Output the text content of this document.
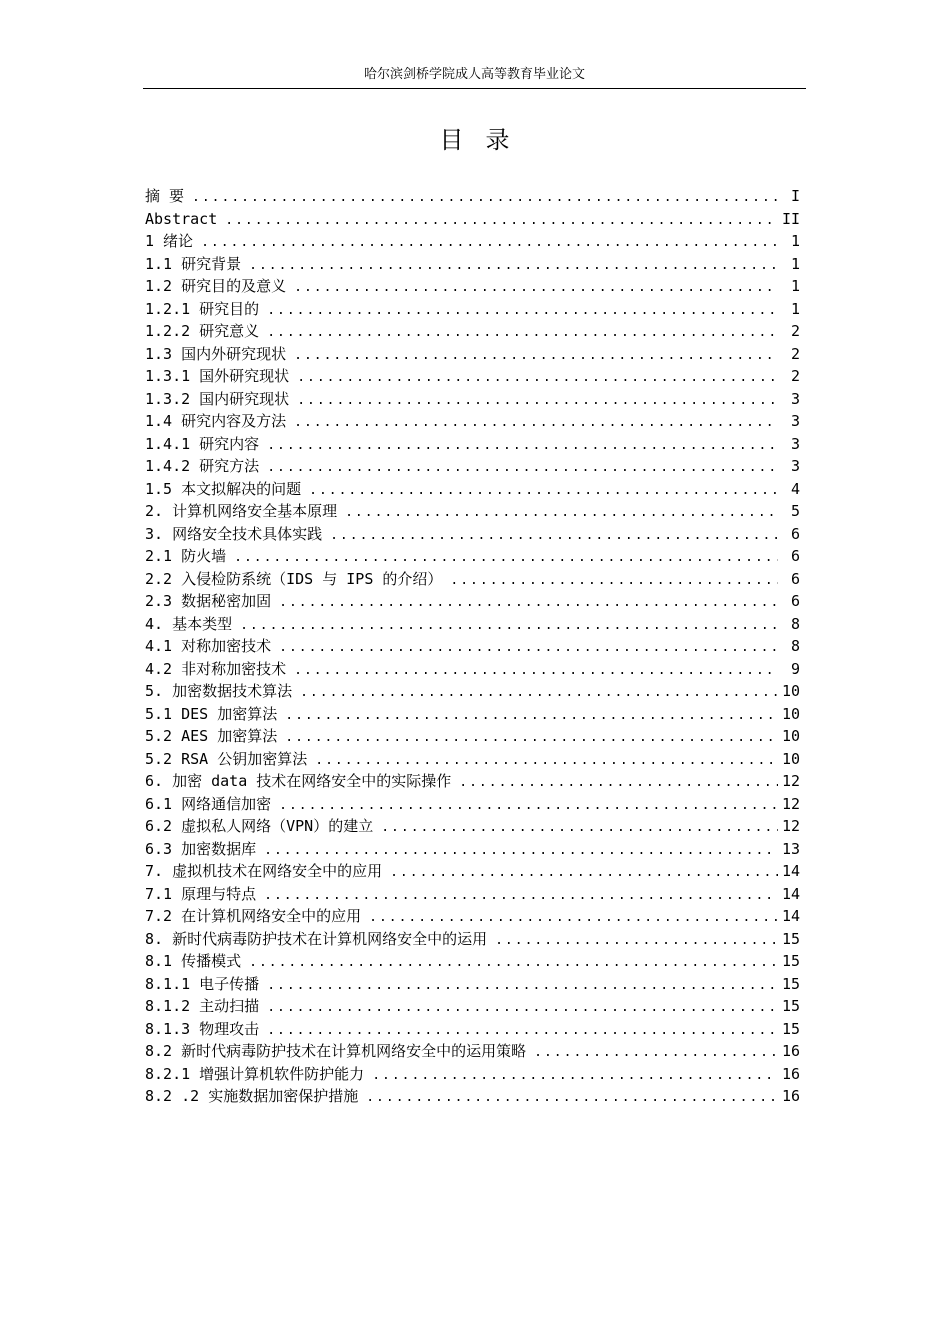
哈尔滨剑桥学院成人高等教育毕业论文
目录
摘 要 .....	I
Abstract .....	II
1 绪论 .....	1
1.1 研究背景 .....	1
1.2 研究目的及意义 .....	1
1.2.1 研究目的 .....	1
1.2.2 研究意义 .....	2
1.3 国内外研究现状 .....	2
1.3.1 国外研究现状 .....	2
1.3.2 国内研究现状 .....	3
1.4 研究内容及方法 .....	3
1.4.1 研究内容 .....	3
1.4.2 研究方法 .....	3
1.5 本文拟解决的问题 .....	4
2. 计算机网络安全基本原理 .....	5
3. 网络安全技术具体实践 .....	6
2.1 防火墙 .....	6
2.2 入侵检防系统（IDS 与 IPS 的介绍） .....	6
2.3 数据秘密加固 .....	6
4. 基本类型 .....	8
4.1 对称加密技术 .....	8
4.2 非对称加密技术 .....	9
5. 加密数据技术算法 .....	10
5.1 DES 加密算法 .....	10
5.2 AES 加密算法 .....	10
5.2 RSA 公钥加密算法 .....	10
6. 加密 data 技术在网络安全中的实际操作 .....	12
6.1 网络通信加密 .....	12
6.2 虚拟私人网络（VPN）的建立 .....	12
6.3 加密数据库 .....	13
7. 虚拟机技术在网络安全中的应用 .....	14
7.1 原理与特点 .....	14
7.2 在计算机网络安全中的应用 .....	14
8. 新时代病毒防护技术在计算机网络安全中的运用 .....	15
8.1 传播模式 .....	15
8.1.1 电子传播 .....	15
8.1.2 主动扫描 .....	15
8.1.3 物理攻击 .....	15
8.2 新时代病毒防护技术在计算机网络安全中的运用策略 .....	16
8.2.1 增强计算机软件防护能力 .....	16
8.2 .2 实施数据加密保护措施 .....	16
